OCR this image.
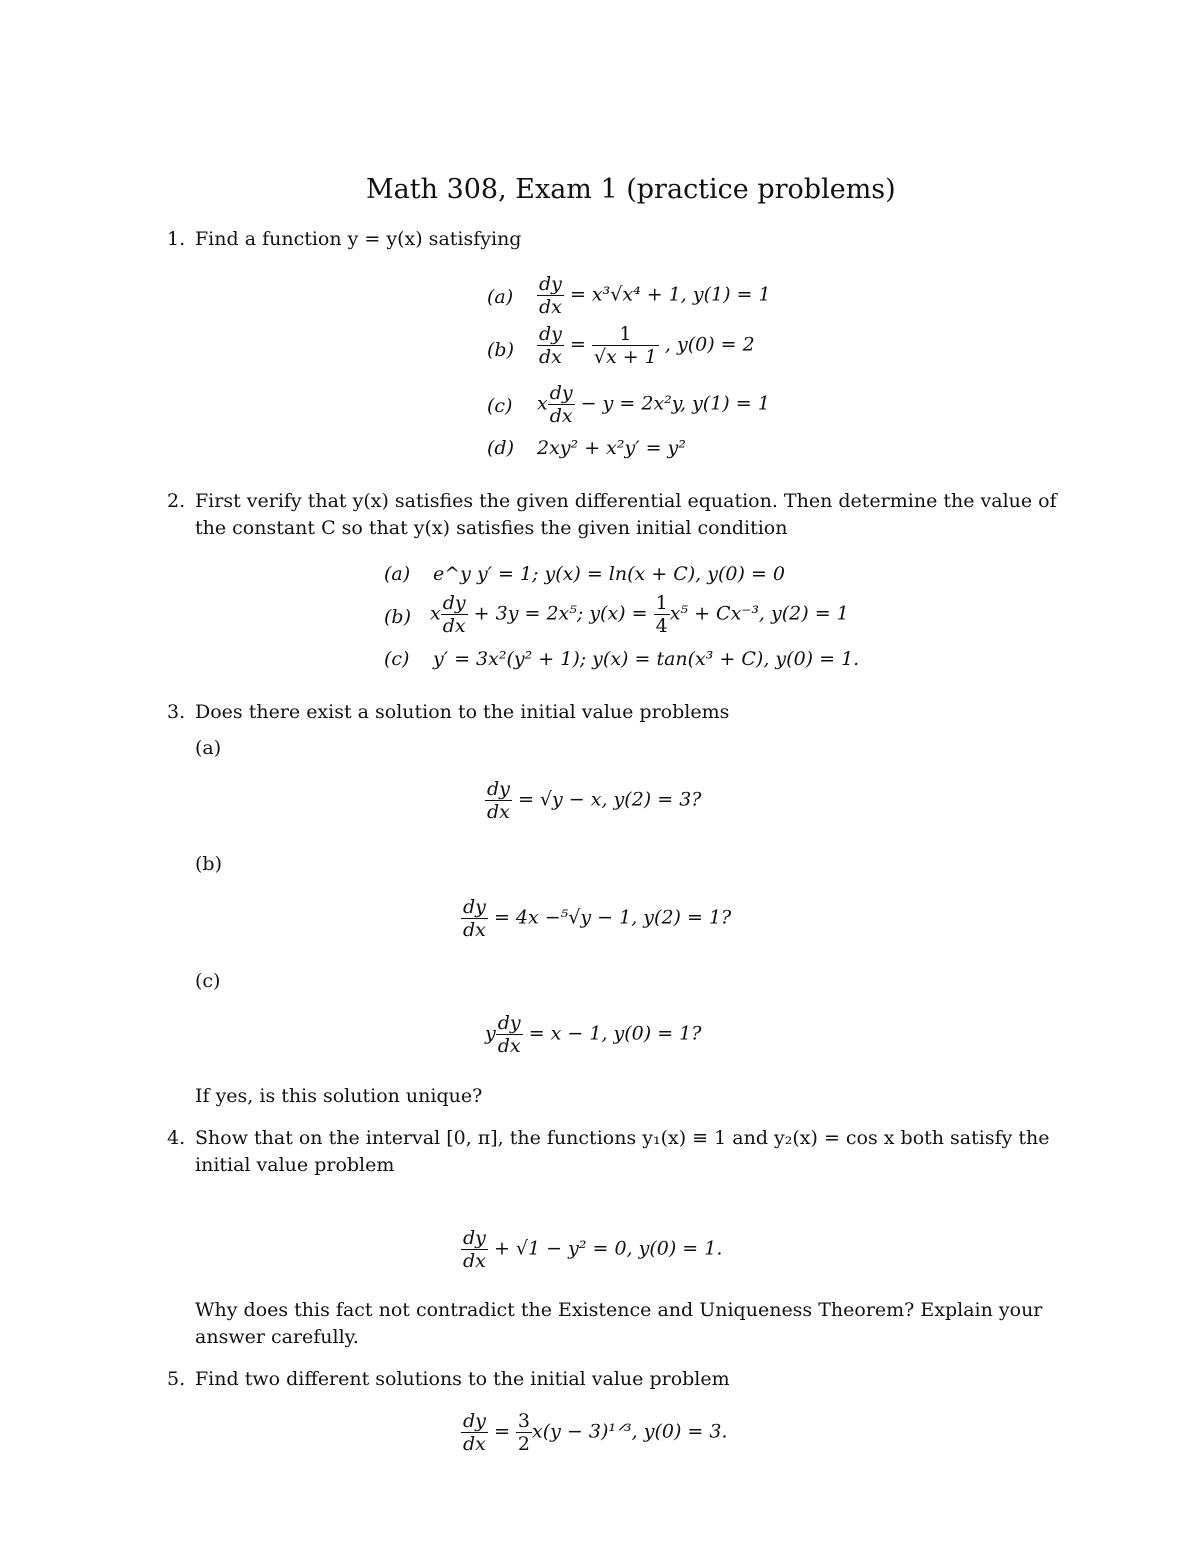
Math 308, Exam 1 (practice problems)
1. Find a function y = y(x) satisfying
$(a) \frac{dy}{dx} = x^3√x^4 + 1$, y(1) = 1
$(b) \frac{dy}{dx} = \frac{1}{√x + 1}$ , y(0) = 2
(c) x $\frac{dy}{dx} - y = 2x^2y$, y(1) = 1
(d) 2xy² + x²y′ = y²
2. First verify that y(x) satisfies the given differential equation. Then determine the value of
the constant C so that y(x) satisfies the given initial condition
(a) e^y y′ = 1; y(x) = ln(x + C), y(0) = 0
(b) x $\frac{dy}{dx} + 3y = 2x^5$; $y(x) = \frac{1}{4} x^5 + Cx^{-3}$, y(2) = 1
(c) y′ = 3x²(y² + 1); y(x) = tan(x³ + C), y(0) = 1.
3. Does there exist a solution to the initial value problems
(a)
$\frac{dy}{dx} = √y - x$, y(2) = 3?
(b)
$\frac{dy}{dx} = 4x -^5√y - 1$, y(2) = 1?
(c)
y $\frac{dy}{dx} = x - 1$, y(0) = 1?
If yes, is this solution unique?
4. Show that on the interval [0, π], the functions y₁(x) ≡ 1 and y₂(x) = cos x both satisfy the
initial value problem
$\frac{dy}{dx} + √1 - y^2 = 0$, y(0) = 1.
Why does this fact not contradict the Existence and Uniqueness Theorem? Explain your
answer carefully.
5. Find two different solutions to the initial value problem
$\frac{dy}{dx} = \frac{3}{2} x(y$ − 3)¹ᐟ³, y(0) = 3.
